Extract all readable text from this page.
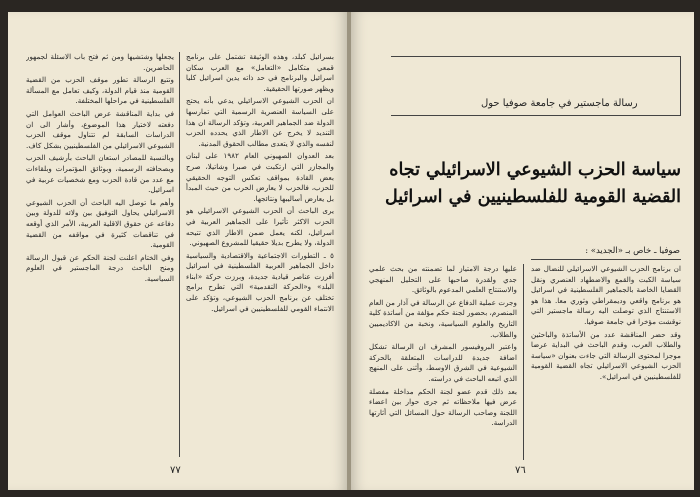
بسرائيل كبلد، وهذه الوثيقة تشتمل على برنامج قمعي متكامل «التعامل» مع العرب سكان اسرائيل والبرنامج في حد ذاته يدين اسرائيل كليا ويظهر صورتها الحقيقية.

ان الحزب الشيوعي الاسرائيلي يدعي بأنه يحتج على السياسة العنصرية الرسمية التي تمارسها الدولة ضد الجماهير العربية، وتؤكد الرسالة ان هذا التنديد لا يخرج عن الاطار الذي يحدده الحزب لنفسه والذي لا يتعدى مطالب الحقوق المدنية.

بعد العدوان الصهيوني العام ١٩٨٢ على لبنان والمجازر التي ارتكبت في صبرا وشاتيلا، صرح بعض القادة بمواقف تعكس التوجه الحقيقي للحزب، فالحزب لا يعارض الحرب من حيث المبدأ بل يعارض أساليبها ونتائجها.

يرى الباحث أن الحزب الشيوعي الاسرائيلي هو الحزب الاكثر تأثيرا على الجماهير العربية في اسرائيل، لكنه يعمل ضمن الاطار الذي تتيحه الدولة، ولا يطرح بديلا حقيقيا للمشروع الصهيوني.

٥ ـ التطورات الاجتماعية والاقتصادية والسياسية داخل الجماهير العربية الفلسطينية في اسرائيل أفرزت عناصر قيادية جديدة، وبرزت حركة «ابناء البلد» و«الحركة التقدمية» التي تطرح برامج تختلف عن برنامج الحزب الشيوعي، وتؤكد على الانتماء القومي للفلسطينيين في اسرائيل.

يجعلها وشتشيها ومن ثم فتح باب الاسئلة لجمهور الحاضرين.

وتتبع الرسالة تطور موقف الحزب من القضية القومية منذ قيام الدولة، وكيف تعامل مع المسألة الفلسطينية في مراحلها المختلفة.

في بداية المناقشة عرض الباحث العوامل التي دفعته لاختيار هذا الموضوع، وأشار الى ان الدراسات السابقة لم تتناول موقف الحزب الشيوعي الاسرائيلي من الفلسطينيين بشكل كاف.

وبالنسبة للمصادر استعان الباحث بأرشيف الحزب وبصحافته الرسمية، وبوثائق المؤتمرات وبلقاءات مع عدد من قادة الحزب ومع شخصيات عربية في اسرائيل.

وأهم ما توصل اليه الباحث أن الحزب الشيوعي الاسرائيلي يحاول التوفيق بين ولائه للدولة وبين دفاعه عن حقوق الاقلية العربية، الأمر الذي أوقعه في تناقضات كثيرة في مواقفه من القضية القومية.

وفي الختام اعلنت لجنة الحكم عن قبول الرسالة ومنح الباحث درجة الماجستير في العلوم السياسية.

٧٧
رسالة ماجستير في جامعة صوفيا حول
سياسة الحزب الشيوعي الاسرائيلي تجاه
القضية القومية للفلسطينيين في اسرائيل
صوفيا ـ خاص بـ «الجديد» :

ان برنامج الحزب الشيوعي الاسرائيلي للنضال ضد سياسة الكبت والقمع والاضطهاد العنصري ونقل القضايا الخاصة بالجماهير الفلسطينية في اسرائيل هو برنامج واقعي وديمقراطي وثوري معا. هذا هو الاستنتاج الذي توصلت اليه رسالة ماجستير التي نوقشت مؤخرا في جامعة صوفيا.

وقد حضر المناقشة عدد من الأساتذة والباحثين والطلاب العرب، وقدم الباحث في البداية عرضا موجزا لمحتوى الرسالة التي جاءت بعنوان «سياسة الحزب الشيوعي الاسرائيلي تجاه القضية القومية للفلسطينيين في اسرائيل».

عليها درجة الامتياز لما تضمنته من بحث علمي جدي ولقدرة صاحبها على التحليل المنهجي والاستنتاج العلمي المدعوم بالوثائق.

وجرت عملية الدفاع عن الرسالة في آذار من العام المنصرم، بحضور لجنة حكم مؤلفة من أساتذة كلية التاريخ والعلوم السياسية، ونخبة من الاكاديميين والطلاب.

واعتبر البروفيسور المشرف ان الرسالة تشكل اضافة جديدة للدراسات المتعلقة بالحركة الشيوعية في الشرق الاوسط، وأثنى على المنهج الذي اتبعه الباحث في دراسته.

بعد ذلك قدم عضو لجنة الحكم مداخلة مفصلة عرض فيها ملاحظاته ثم جرى حوار بين اعضاء اللجنة وصاحب الرسالة حول المسائل التي أثارتها الدراسة.

٧٦
